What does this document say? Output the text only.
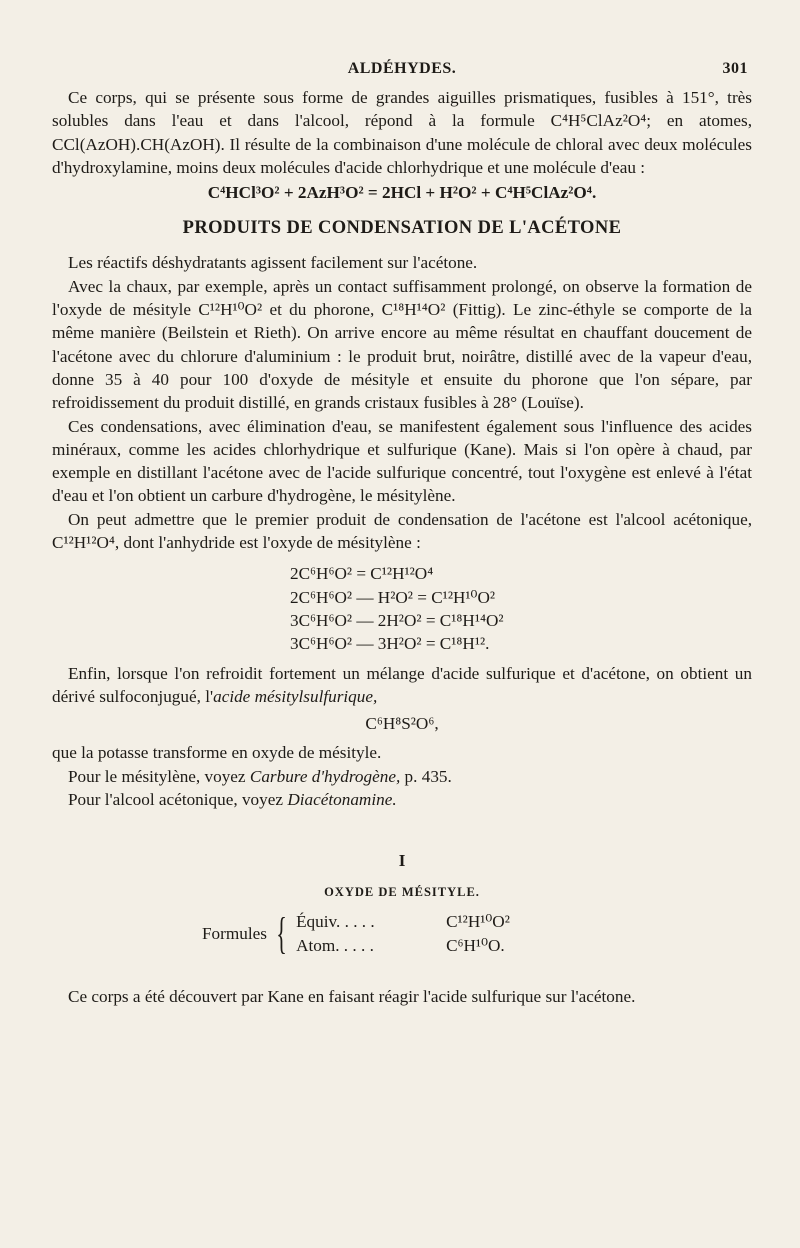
ALDÉHYDES.	301

Ce corps, qui se présente sous forme de grandes aiguilles prismatiques, fusibles à 151°, très solubles dans l'eau et dans l'alcool, répond à la formule C⁴H⁵ClAz²O⁴; en atomes, CCl(AzOH).CH(AzOH). Il résulte de la combinaison d'une molécule de chloral avec deux molécules d'hydroxylamine, moins deux molécules d'acide chlorhydrique et une molécule d'eau :

C⁴HCl³O² + 2AzH³O² = 2HCl + H²O² + C⁴H⁵ClAz²O⁴.
PRODUITS DE CONDENSATION DE L'ACÉTONE

Les réactifs déshydratants agissent facilement sur l'acétone.

Avec la chaux, par exemple, après un contact suffisamment prolongé, on observe la formation de l'oxyde de mésityle C¹²H¹⁰O² et du phorone, C¹⁸H¹⁴O² (Fittig). Le zinc-éthyle se comporte de la même manière (Beilstein et Rieth). On arrive encore au même résultat en chauffant doucement de l'acétone avec du chlorure d'aluminium : le produit brut, noirâtre, distillé avec de la vapeur d'eau, donne 35 à 40 pour 100 d'oxyde de mésityle et ensuite du phorone que l'on sépare, par refroidissement du produit distillé, en grands cristaux fusibles à 28° (Louïse).

Ces condensations, avec élimination d'eau, se manifestent également sous l'influence des acides minéraux, comme les acides chlorhydrique et sulfurique (Kane). Mais si l'on opère à chaud, par exemple en distillant l'acétone avec de l'acide sulfurique concentré, tout l'oxygène est enlevé à l'état d'eau et l'on obtient un carbure d'hydrogène, le mésitylène.

On peut admettre que le premier produit de condensation de l'acétone est l'alcool acétonique, C¹²H¹²O⁴, dont l'anhydride est l'oxyde de mésitylène :

2C⁶H⁶O² = C¹²H¹²O⁴
2C⁶H⁶O² — H²O² = C¹²H¹⁰O²
3C⁶H⁶O² — 2H²O² = C¹⁸H¹⁴O²
3C⁶H⁶O² — 3H²O² = C¹⁸H¹².

Enfin, lorsque l'on refroidit fortement un mélange d'acide sulfurique et d'acétone, on obtient un dérivé sulfoconjugué, l'acide mésitylsulfurique,

C⁶H⁸S²O⁶,

que la potasse transforme en oxyde de mésityle.

Pour le mésitylène, voyez Carbure d'hydrogène, p. 435.

Pour l'alcool acétonique, voyez Diacétonamine.

I
OXYDE DE MÉSITYLE.
Formules { Équiv. . . . .	C¹²H¹⁰O²
Atom. . . . .	C⁶H¹⁰O.

Ce corps a été découvert par Kane en faisant réagir l'acide sulfurique sur l'acétone.
